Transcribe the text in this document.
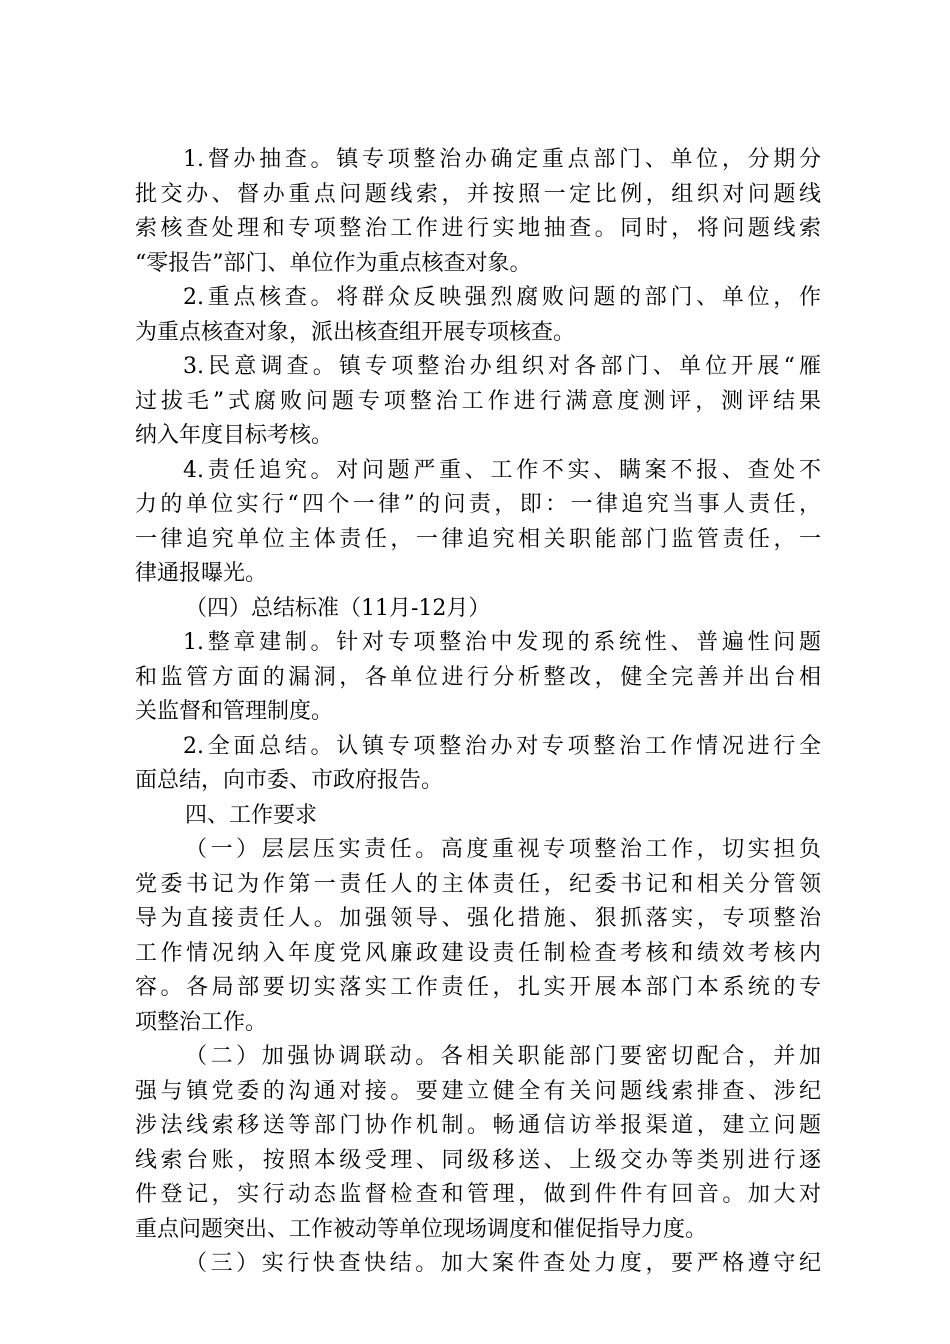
1.督办抽查。镇专项整治办确定重点部门、单位，分期分
批交办、督办重点问题线索，并按照一定比例，组织对问题线
索核查处理和专项整治工作进行实地抽查。同时，将问题线索
“零报告”部门、单位作为重点核查对象。
2.重点核查。将群众反映强烈腐败问题的部门、单位，作
为重点核查对象，派出核查组开展专项核查。
3.民意调查。镇专项整治办组织对各部门、单位开展“雁
过拔毛”式腐败问题专项整治工作进行满意度测评，测评结果
纳入年度目标考核。
4.责任追究。对问题严重、工作不实、瞒案不报、查处不
力的单位实行“四个一律”的问责，即：一律追究当事人责任，
一律追究单位主体责任，一律追究相关职能部门监管责任，一
律通报曝光。
（四）总结标准（11月-12月）
1.整章建制。针对专项整治中发现的系统性、普遍性问题
和监管方面的漏洞，各单位进行分析整改，健全完善并出台相
关监督和管理制度。
2.全面总结。认镇专项整治办对专项整治工作情况进行全
面总结，向市委、市政府报告。
四、工作要求
（一）层层压实责任。高度重视专项整治工作，切实担负
党委书记为作第一责任人的主体责任，纪委书记和相关分管领
导为直接责任人。加强领导、强化措施、狠抓落实，专项整治
工作情况纳入年度党风廉政建设责任制检查考核和绩效考核内
容。各局部要切实落实工作责任，扎实开展本部门本系统的专
项整治工作。
（二）加强协调联动。各相关职能部门要密切配合，并加
强与镇党委的沟通对接。要建立健全有关问题线索排查、涉纪
涉法线索移送等部门协作机制。畅通信访举报渠道，建立问题
线索台账，按照本级受理、同级移送、上级交办等类别进行逐
件登记，实行动态监督检查和管理，做到件件有回音。加大对
重点问题突出、工作被动等单位现场调度和催促指导力度。
（三）实行快查快结。加大案件查处力度，要严格遵守纪
